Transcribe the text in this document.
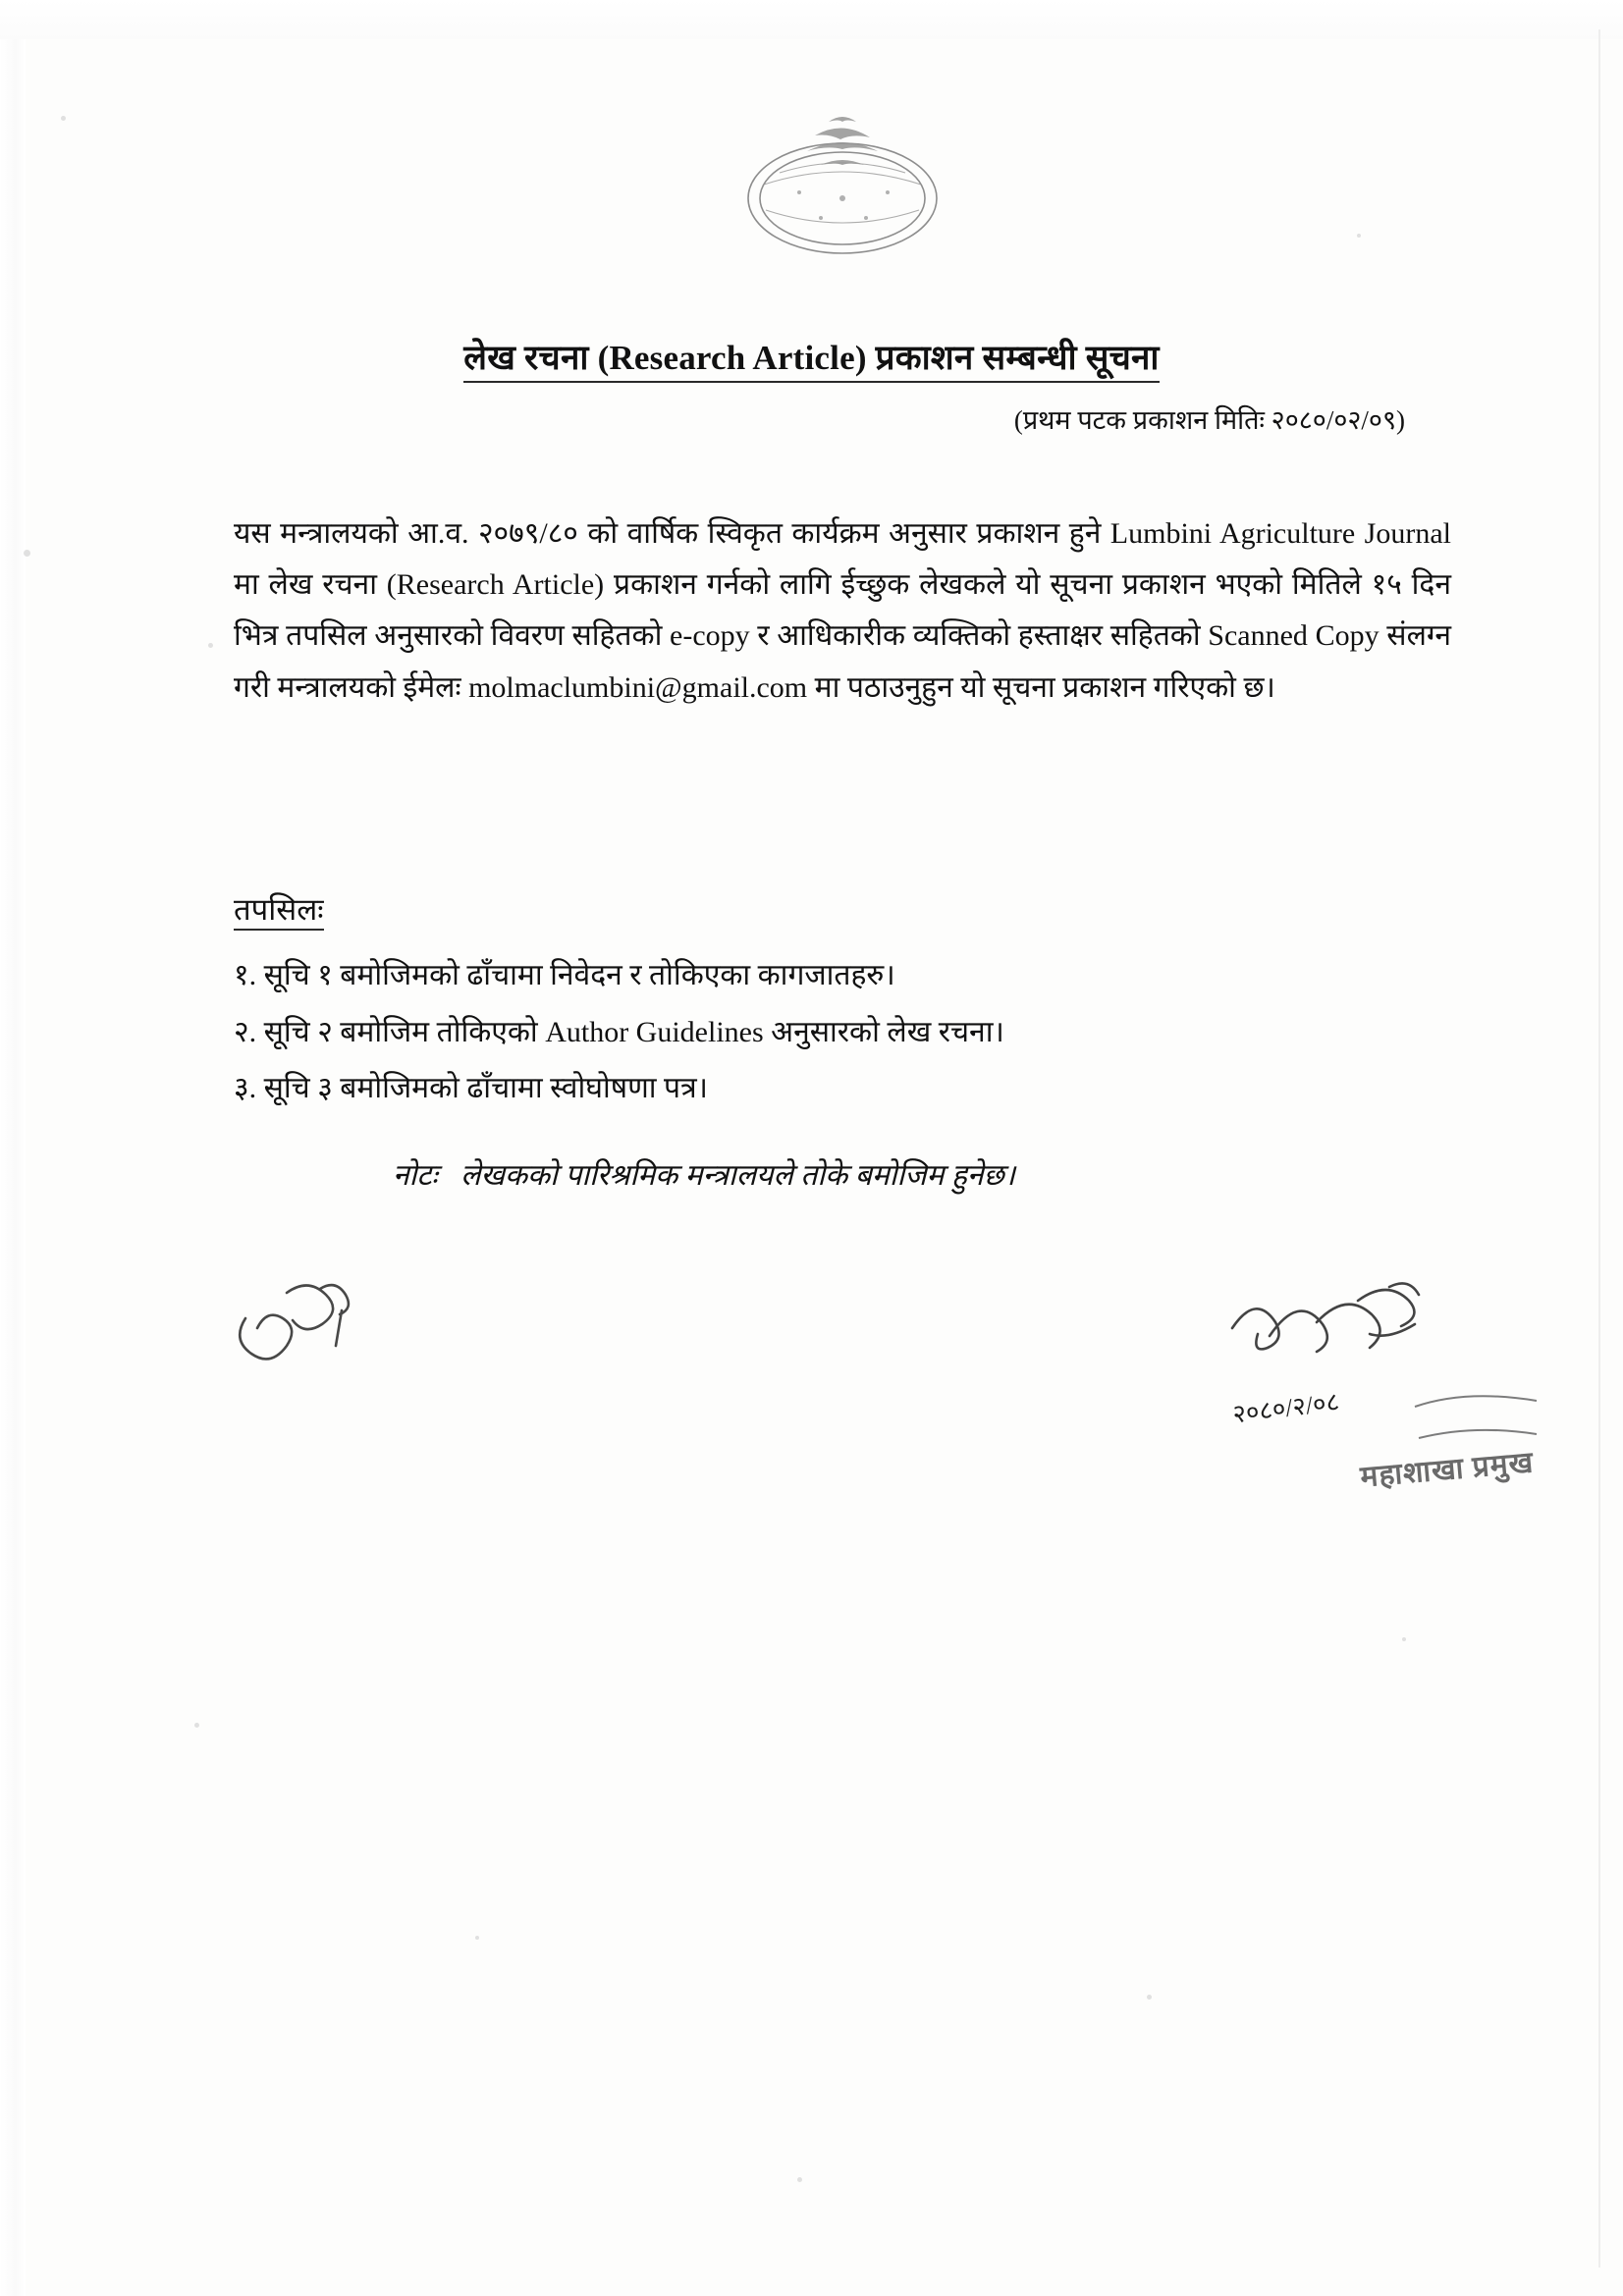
लेख रचना (Research Article) प्रकाशन सम्बन्धी सूचना
(प्रथम पटक प्रकाशन मितिः २०८०/०२/०९)

यस मन्त्रालयको आ.व. २०७९/८० को वार्षिक स्विकृत कार्यक्रम अनुसार प्रकाशन हुने Lumbini Agriculture Journal मा लेख रचना (Research Article) प्रकाशन गर्नको लागि ईच्छुक लेखकले यो सूचना प्रकाशन भएको मितिले १५ दिन भित्र तपसिल अनुसारको विवरण सहितको e-copy र आधिकारीक व्यक्तिको हस्ताक्षर सहितको Scanned Copy संलग्न गरी मन्त्रालयको ईमेलः molmaclumbini@gmail.com मा पठाउनुहुन यो सूचना प्रकाशन गरिएको छ।

तपसिलः
१. सूचि १ बमोजिमको ढाँचामा निवेदन र तोकिएका कागजातहरु।
२. सूचि २ बमोजिम तोकिएको Author Guidelines अनुसारको लेख रचना।
३. सूचि ३ बमोजिमको ढाँचामा स्वोघोषणा पत्र।
नोटः लेखकको पारिश्रमिक मन्त्रालयले तोके बमोजिम हुनेछ।
२०८०/२/०८
महाशाखा प्रमुख
